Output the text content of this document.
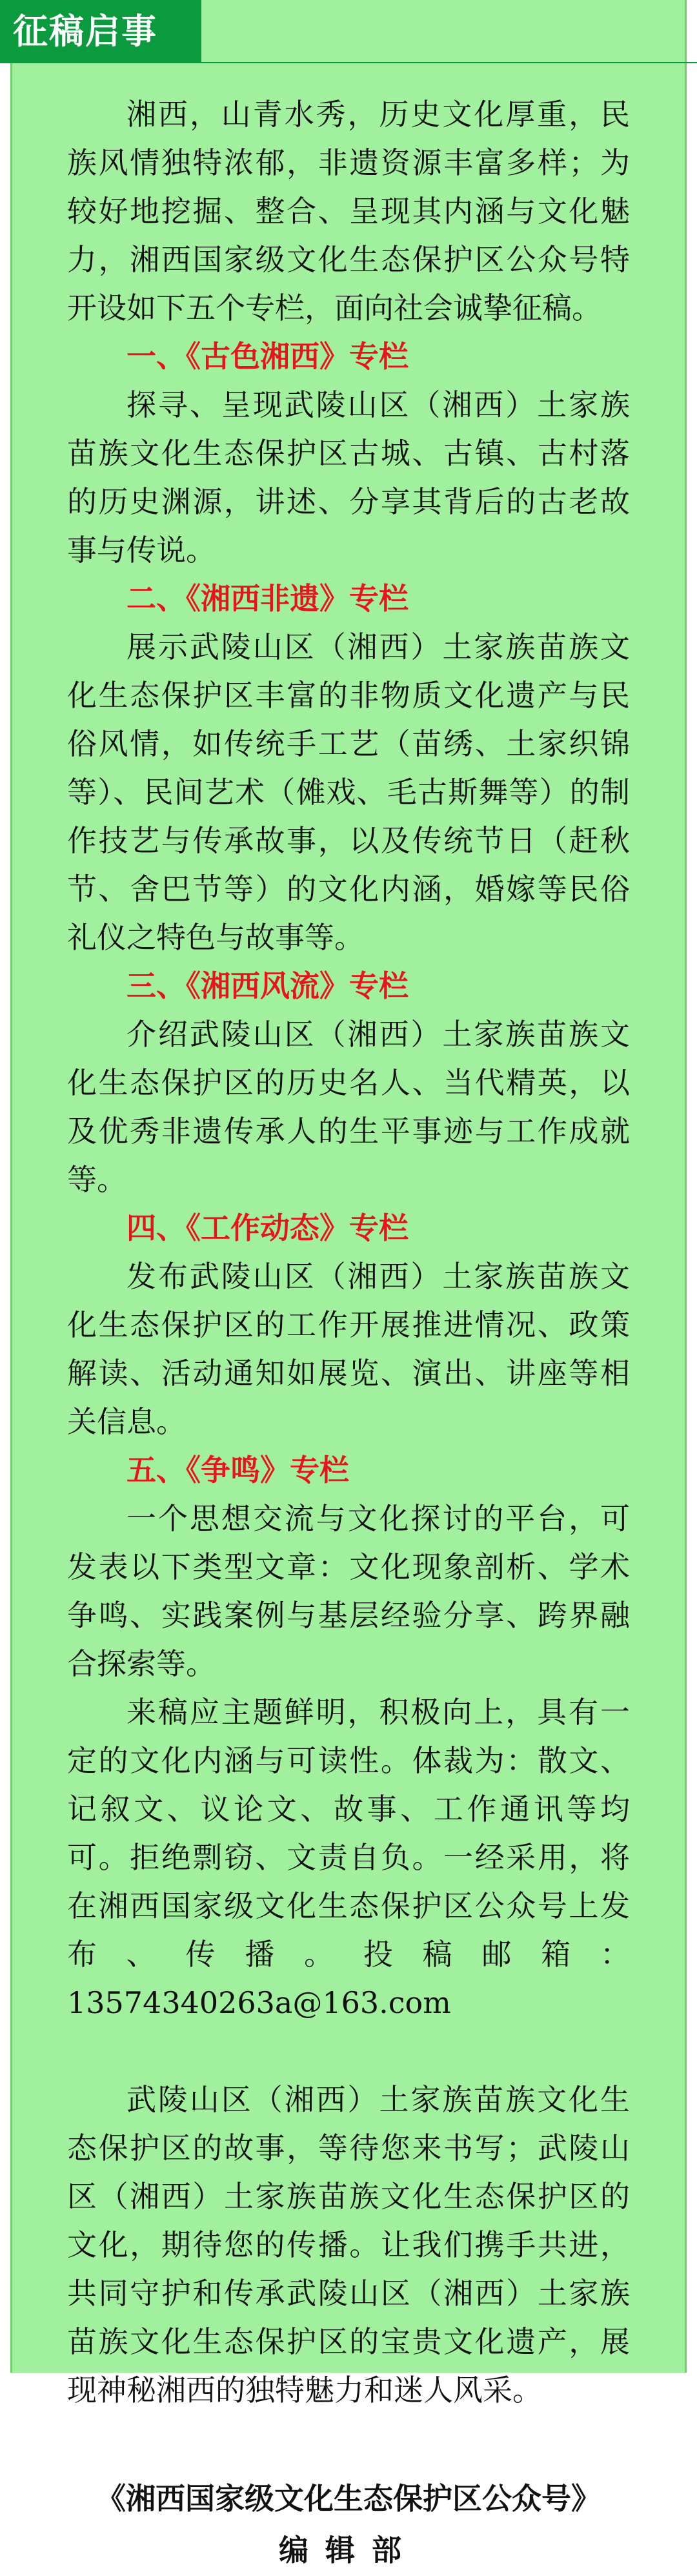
征稿启事

湘西，山青水秀，历史文化厚重，民族风情独特浓郁，非遗资源丰富多样；为较好地挖掘、整合、呈现其内涵与文化魅力，湘西国家级文化生态保护区公众号特开设如下五个专栏，面向社会诚挚征稿。

一、《古色湘西》专栏

探寻、呈现武陵山区（湘西）土家族苗族文化生态保护区古城、古镇、古村落的历史渊源，讲述、分享其背后的古老故事与传说。

二、《湘西非遗》专栏

展示武陵山区（湘西）土家族苗族文化生态保护区丰富的非物质文化遗产与民俗风情，如传统手工艺（苗绣、土家织锦等）、民间艺术（傩戏、毛古斯舞等）的制作技艺与传承故事，以及传统节日（赶秋节、舍巴节等）的文化内涵，婚嫁等民俗礼仪之特色与故事等。

三、《湘西风流》专栏

介绍武陵山区（湘西）土家族苗族文化生态保护区的历史名人、当代精英，以及优秀非遗传承人的生平事迹与工作成就等。

四、《工作动态》专栏

发布武陵山区（湘西）土家族苗族文化生态保护区的工作开展推进情况、政策解读、活动通知如展览、演出、讲座等相关信息。

五、《争鸣》专栏

一个思想交流与文化探讨的平台，可发表以下类型文章：文化现象剖析、学术争鸣、实践案例与基层经验分享、跨界融合探索等。

来稿应主题鲜明，积极向上，具有一定的文化内涵与可读性。体裁为：散文、记叙文、议论文、故事、工作通讯等均可。拒绝剽窃、文责自负。一经采用，将在湘西国家级文化生态保护区公众号上发布、传播。投稿邮箱：13574340263a@163.com

武陵山区（湘西）土家族苗族文化生态保护区的故事，等待您来书写；武陵山区（湘西）土家族苗族文化生态保护区的文化，期待您的传播。让我们携手共进，共同守护和传承武陵山区（湘西）土家族苗族文化生态保护区的宝贵文化遗产，展现神秘湘西的独特魅力和迷人风采。

《湘西国家级文化生态保护区公众号》

编辑部
